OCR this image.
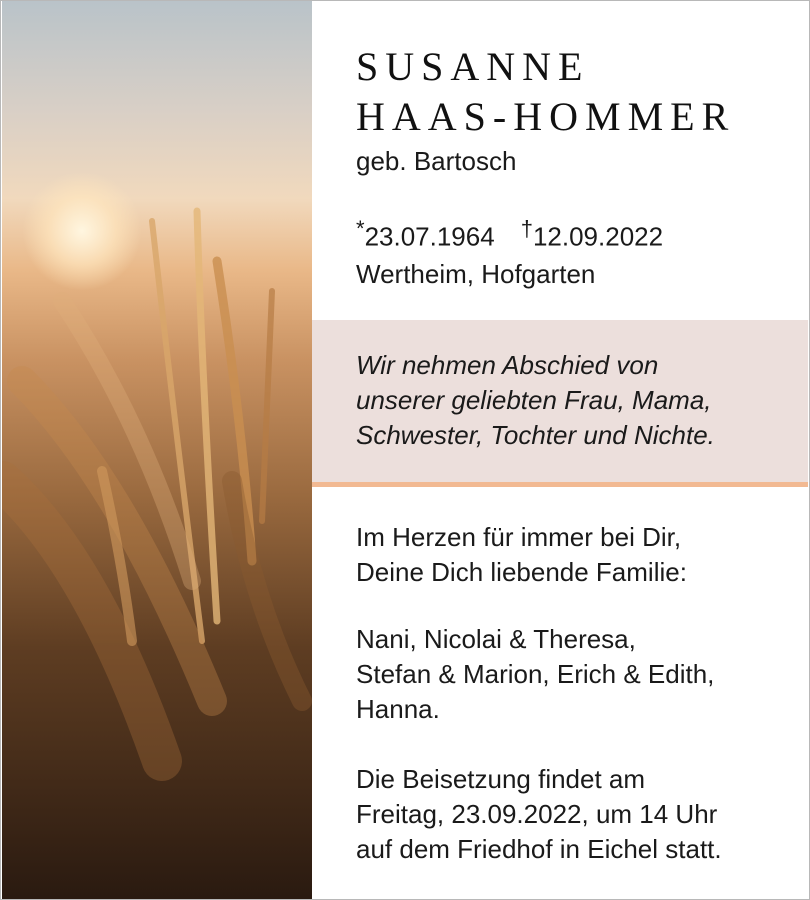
SUSANNE
HAAS-HOMMER
geb. Bartosch
*23.07.1964 †12.09.2022
Wertheim, Hofgarten
Wir nehmen Abschied von
unserer geliebten Frau, Mama,
Schwester, Tochter und Nichte.
Im Herzen für immer bei Dir,
Deine Dich liebende Familie:
Nani, Nicolai & Theresa,
Stefan & Marion, Erich & Edith,
Hanna.
Die Beisetzung findet am
Freitag, 23.09.2022, um 14 Uhr
auf dem Friedhof in Eichel statt.
